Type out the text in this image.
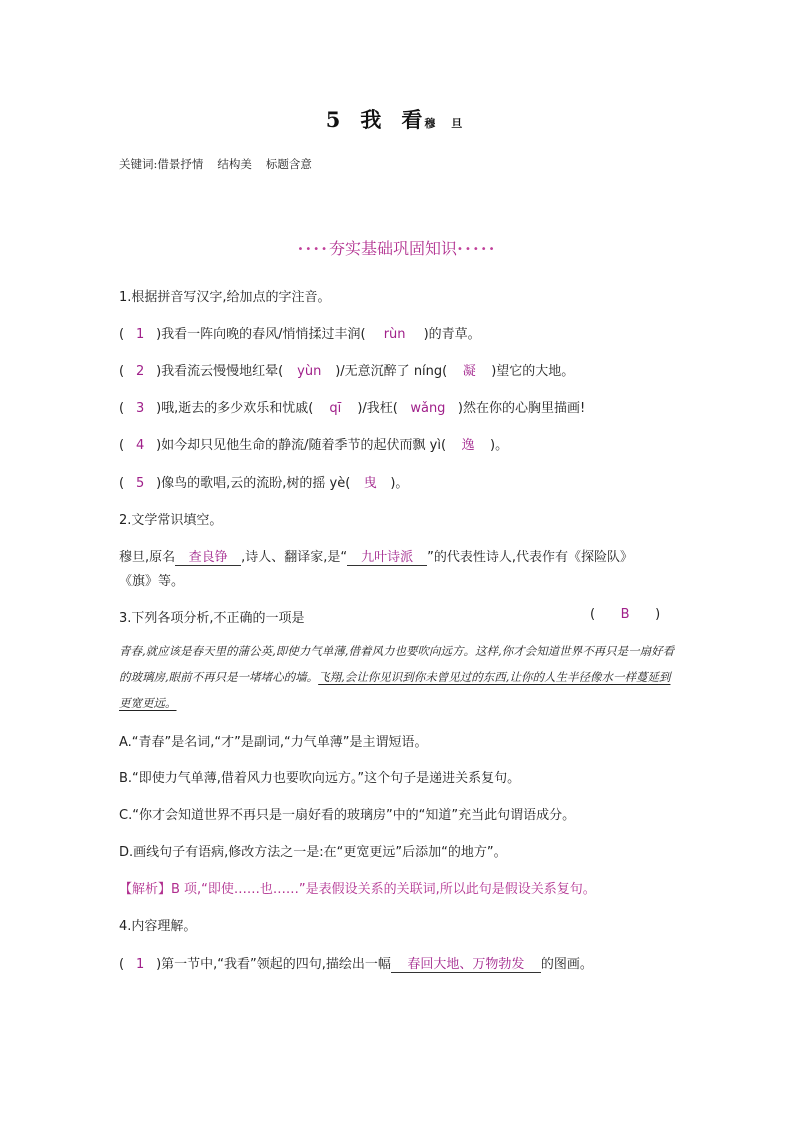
5 我 看 穆 旦
关键词:借景抒情 结构美 标题含意
••••夯实基础巩固知识•••••
1.根据拼音写汉字,给加点的字注音。
( 1 )我看一阵向晚的春风/悄悄揉过丰润( rùn )的青草。
( 2 )我看流云慢慢地红晕( yùn )/无意沉醉了 níng( 凝 )望它的大地。
( 3 )哦,逝去的多少欢乐和忧戚( qī )/我枉( wǎng )然在你的心胸里描画!
( 4 )如今却只见他生命的静流/随着季节的起伏而飘 yì( 逸 )。
( 5 )像鸟的歌唱,云的流盼,树的摇 yè( 曳 )。
2.文学常识填空。
穆旦,原名 查良铮 ,诗人、翻译家,是“ 九叶诗派 ”的代表性诗人,代表作有《探险队》
《旗》等。
3.下列各项分析,不正确的一项是	( B )
青春,就应该是春天里的蒲公英,即使力气单薄,借着风力也要吹向远方。这样,你才会知道世界不再只是一扇好看的玻璃房,眼前不再只是一堵堵心的墙。飞翔,会让你见识到你未曾见过的东西,让你的人生半径像水一样蔓延到更宽更远。
A.“青春”是名词,“才”是副词,“力气单薄”是主谓短语。
B.“即使力气单薄,借着风力也要吹向远方。”这个句子是递进关系复句。
C.“你才会知道世界不再只是一扇好看的玻璃房”中的“知道”充当此句谓语成分。
D.画线句子有语病,修改方法之一是:在“更宽更远”后添加“的地方”。
【解析】B 项,“即使……也……”是表假设关系的关联词,所以此句是假设关系复句。
4.内容理解。
( 1 )第一节中,“我看”领起的四句,描绘出一幅 春回大地、万物勃发 的图画。
